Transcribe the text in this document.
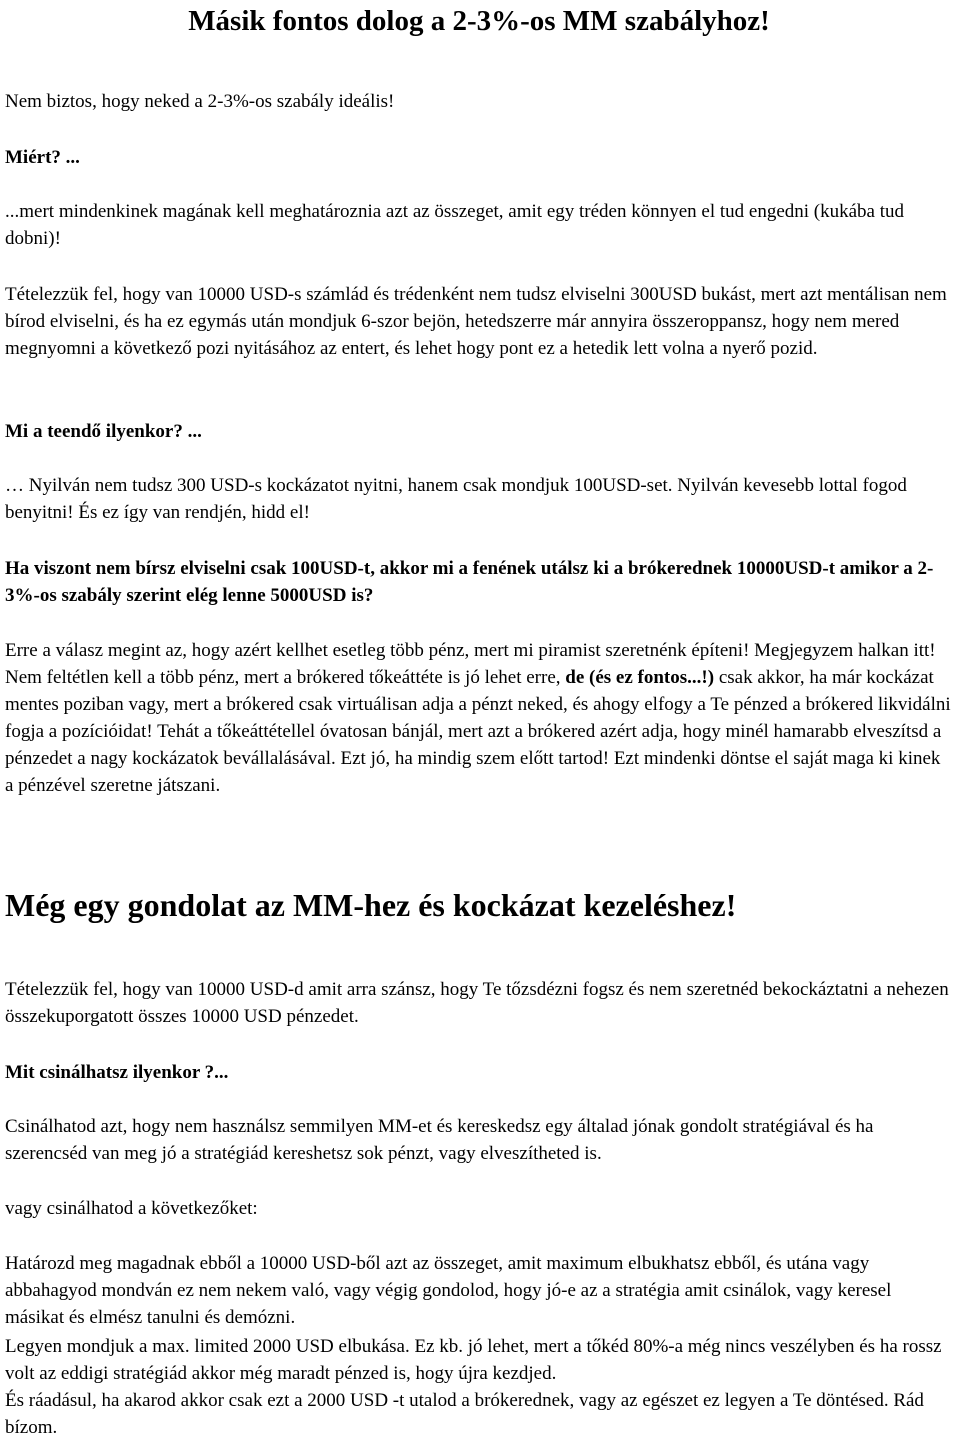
Másik fontos dolog a 2-3%-os MM szabályhoz!

Nem biztos, hogy neked a 2-3%-os szabály ideális!

Miért? ...

...mert mindenkinek magának kell meghatároznia azt az összeget, amit egy tréden könnyen el tud engedni (kukába tud dobni)!

Tételezzük fel, hogy van 10000 USD-s számlád és trédenként nem tudsz elviselni 300USD bukást, mert azt mentálisan nem bírod elviselni, és ha ez egymás után mondjuk 6-szor bejön, hetedszerre már annyira összeroppansz, hogy nem mered megnyomni a következő pozi nyitásához az entert, és lehet hogy pont ez a hetedik lett volna a nyerő pozid.

Mi a teendő ilyenkor? ...

… Nyilván nem tudsz 300 USD-s kockázatot nyitni, hanem csak mondjuk 100USD-set. Nyilván kevesebb lottal fogod benyitni! És ez így van rendjén, hidd el!

Ha viszont nem bírsz elviselni csak 100USD-t, akkor mi a fenének utálsz ki a brókerednek 10000USD-t amikor a 2-3%-os szabály szerint elég lenne 5000USD is?

Erre a válasz megint az, hogy azért kellhet esetleg több pénz, mert mi piramist szeretnénk építeni! Megjegyzem halkan itt! Nem feltétlen kell a több pénz, mert a brókered tőkeáttéte is jó lehet erre, de (és ez fontos...!) csak akkor, ha már kockázat mentes poziban vagy, mert a brókered csak virtuálisan adja a pénzt neked, és ahogy elfogy a Te pénzed a brókered likvidálni fogja a pozícióidat! Tehát a tőkeáttétellel óvatosan bánjál, mert azt a brókered azért adja, hogy minél hamarabb elveszítsd a pénzedet a nagy kockázatok bevállalásával. Ezt jó, ha mindig szem előtt tartod! Ezt mindenki döntse el saját maga ki kinek a pénzével szeretne játszani.

Még egy gondolat az MM-hez és kockázat kezeléshez!

Tételezzük fel, hogy van 10000 USD-d amit arra szánsz, hogy Te tőzsdézni fogsz és nem szeretnéd bekockáztatni a nehezen összekuporgatott összes 10000 USD pénzedet.

Mit csinálhatsz ilyenkor ?...

Csinálhatod azt, hogy nem használsz semmilyen MM-et és kereskedsz egy általad jónak gondolt stratégiával és ha szerencséd van meg jó a stratégiád kereshetsz sok pénzt, vagy elveszítheted is.

vagy csinálhatod a következőket:

Határozd meg magadnak ebből a 10000 USD-ből azt az összeget, amit maximum elbukhatsz ebből, és utána vagy abbahagyod mondván ez nem nekem való, vagy végig gondolod, hogy jó-e az a stratégia amit csinálok, vagy keresel másikat és elmész tanulni és demózni.

Legyen mondjuk a max. limited 2000 USD elbukása. Ez kb. jó lehet, mert a tőkéd 80%-a még nincs veszélyben és ha rossz volt az eddigi stratégiád akkor még maradt pénzed is, hogy újra kezdjed.

És ráadásul, ha akarod akkor csak ezt a 2000 USD -t utalod a brókerednek, vagy az egészet ez legyen a Te döntésed. Rád bízom.
